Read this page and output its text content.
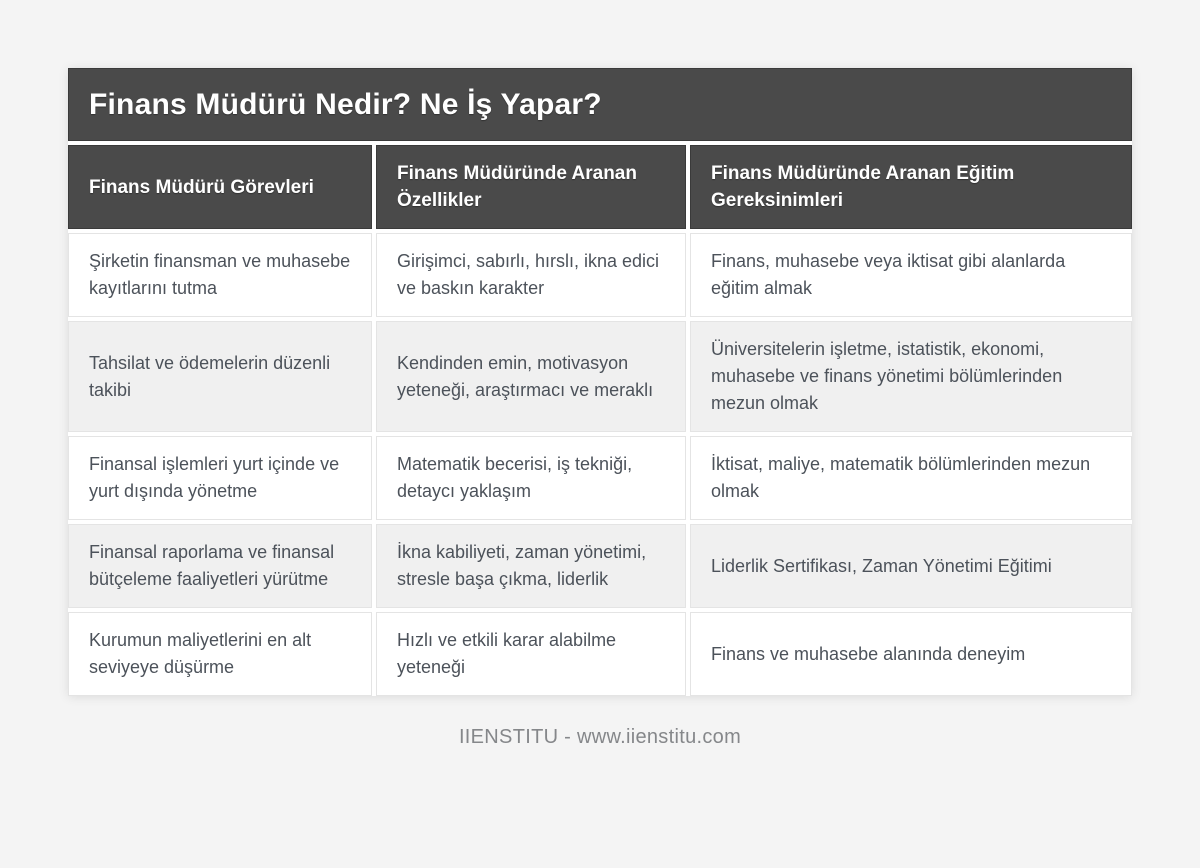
Finans Müdürü Nedir? Ne İş Yapar?
Finans Müdürü Görevleri
Finans Müdüründe Aranan Özellikler
Finans Müdüründe Aranan Eğitim Gereksinimleri
Şirketin finansman ve muhasebe kayıtlarını tutma
Girişimci, sabırlı, hırslı, ikna edici ve baskın karakter
Finans, muhasebe veya iktisat gibi alanlarda eğitim almak
Tahsilat ve ödemelerin düzenli takibi
Kendinden emin, motivasyon yeteneği, araştırmacı ve meraklı
Üniversitelerin işletme, istatistik, ekonomi, muhasebe ve finans yönetimi bölümlerinden mezun olmak
Finansal işlemleri yurt içinde ve yurt dışında yönetme
Matematik becerisi, iş tekniği, detaycı yaklaşım
İktisat, maliye, matematik bölümlerinden mezun olmak
Finansal raporlama ve finansal bütçeleme faaliyetleri yürütme
İkna kabiliyeti, zaman yönetimi, stresle başa çıkma, liderlik
Liderlik Sertifikası, Zaman Yönetimi Eğitimi
Kurumun maliyetlerini en alt seviyeye düşürme
Hızlı ve etkili karar alabilme yeteneği
Finans ve muhasebe alanında deneyim
IIENSTITU - www.iienstitu.com
